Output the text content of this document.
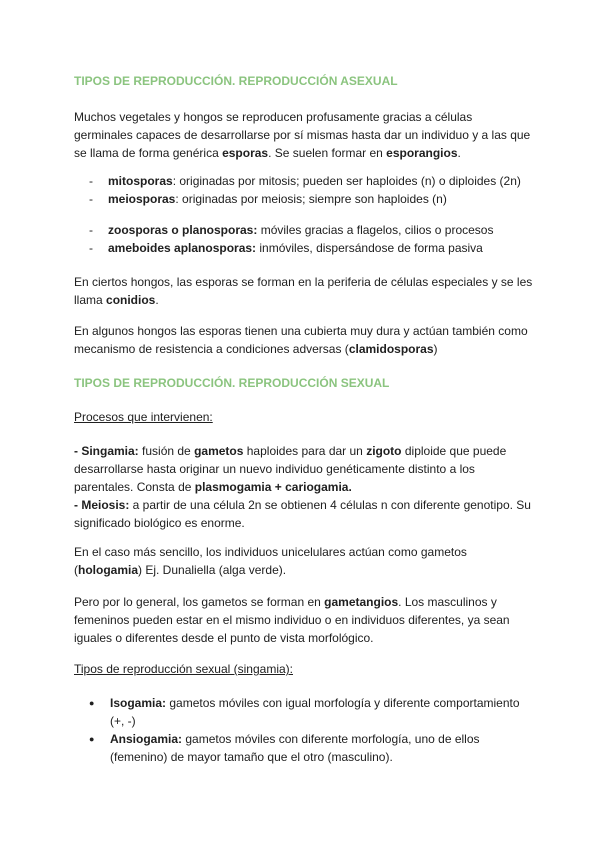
TIPOS DE REPRODUCCIÓN. REPRODUCCIÓN ASEXUAL

Muchos vegetales y hongos se reproducen profusamente gracias a células germinales capaces de desarrollarse por sí mismas hasta dar un individuo y a las que se llama de forma genérica esporas. Se suelen formar en esporangios.

- mitosporas: originadas por mitosis; pueden ser haploides (n) o diploides (2n)
- meiosporas: originadas por meiosis; siempre son haploides (n)
- zoosporas o planosporas: móviles gracias a flagelos, cilios o procesos
- ameboides aplanosporas: inmóviles, dispersándose de forma pasiva

En ciertos hongos, las esporas se forman en la periferia de células especiales y se les llama conidios.

En algunos hongos las esporas tienen una cubierta muy dura y actúan también como mecanismo de resistencia a condiciones adversas (clamidosporas)

TIPOS DE REPRODUCCIÓN. REPRODUCCIÓN SEXUAL
Procesos que intervienen:

- Singamia: fusión de gametos haploides para dar un zigoto diploide que puede desarrollarse hasta originar un nuevo individuo genéticamente distinto a los parentales. Consta de plasmogamia + cariogamia.
- Meiosis: a partir de una célula 2n se obtienen 4 células n con diferente genotipo. Su significado biológico es enorme.

En el caso más sencillo, los individuos unicelulares actúan como gametos (hologamia) Ej. Dunaliella (alga verde).

Pero por lo general, los gametos se forman en gametangios. Los masculinos y femeninos pueden estar en el mismo individuo o en individuos diferentes, ya sean iguales o diferentes desde el punto de vista morfológico.

Tipos de reproducción sexual (singamia):
● Isogamia: gametos móviles con igual morfología y diferente comportamiento (+, -)
● Ansiogamia: gametos móviles con diferente morfología, uno de ellos (femenino) de mayor tamaño que el otro (masculino).
